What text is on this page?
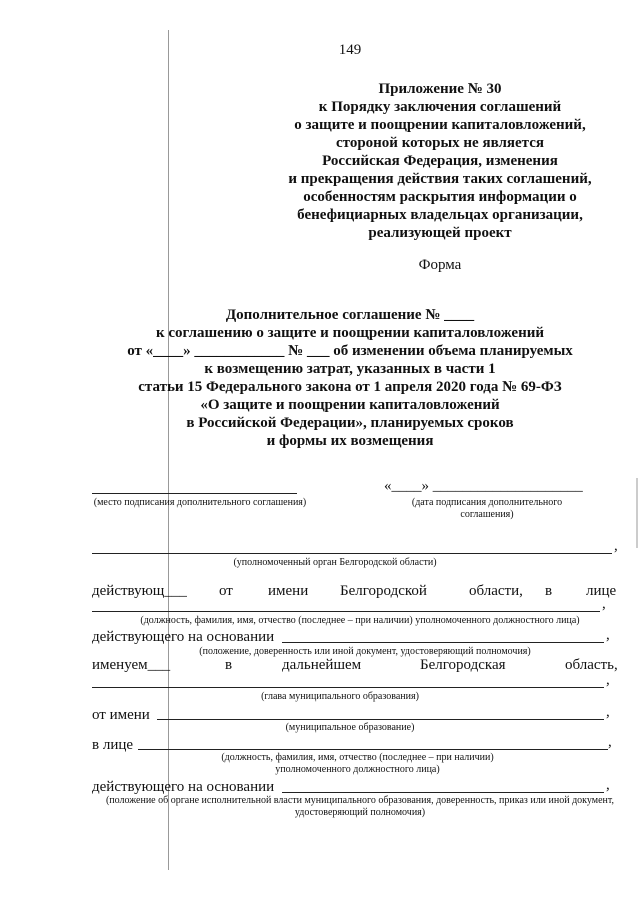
149
Приложение № 30
к Порядку заключения соглашений
о защите и поощрении капиталовложений,
стороной которых не является
Российская Федерация, изменения
и прекращения действия таких соглашений,
особенностям раскрытия информации о
бенефициарных владельцах организации,
реализующей проект
Форма
Дополнительное соглашение № ____
к соглашению о защите и поощрении капиталовложений
от «____» ____________ № ___ об изменении объема планируемых
к возмещению затрат, указанных в части 1
статьи 15 Федерального закона от 1 апреля 2020 года № 69-ФЗ
«О защите и поощрении капиталовложений
в Российской Федерации», планируемых сроков
и формы их возмещения
(место подписания дополнительного соглашения)
«____» ____________________
(дата подписания дополнительного соглашения)
,
(уполномоченный орган Белгородской области)
действующ___ от имени Белгородской	области, в лице
,
(должность, фамилия, имя, отчество (последнее – при наличии) уполномоченного должностного лица)
действующего на основании	,
(положение, доверенность или иной документ, удостоверяющий полномочия)
именуем___	в	дальнейшем	Белгородская	область,
,
(глава муниципального образования)
от имени	,
(муниципальное образование)
в лице	,
(должность, фамилия, имя, отчество (последнее – при наличии) уполномоченного должностного лица)
действующего на основании	,
(положение об органе исполнительной власти муниципального образования, доверенность, приказ или иной документ, удостоверяющий полномочия)
